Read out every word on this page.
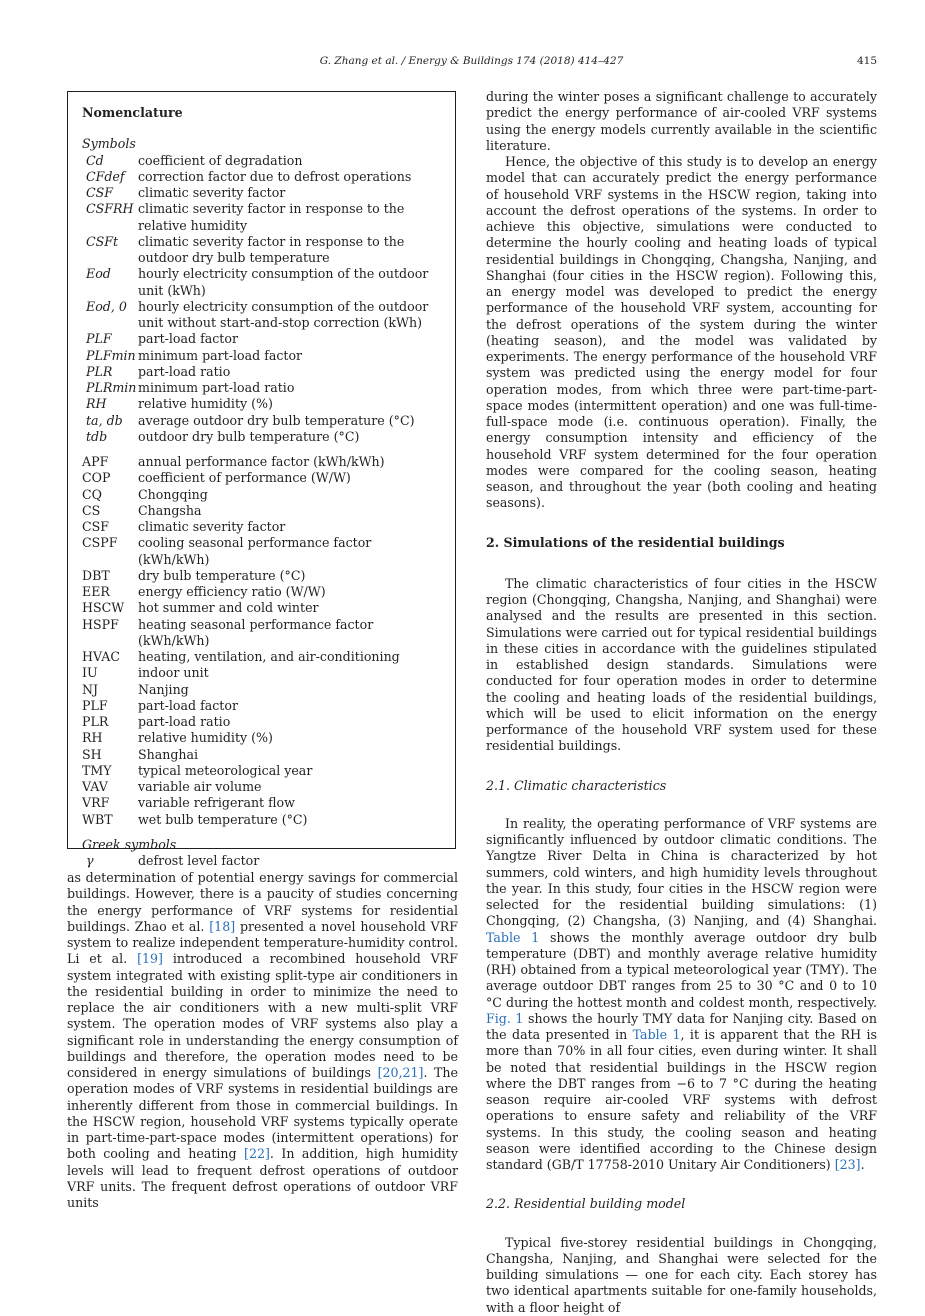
G. Zhang et al. / Energy & Buildings 174 (2018) 414–427	415
Nomenclature
Symbols
Cd	coefficient of degradation
CFdef	correction factor due to defrost operations
CSF	climatic severity factor
CSFRH climatic severity factor in response to the relative humidity
CSFt	climatic severity factor in response to the outdoor dry bulb temperature
Eod	hourly electricity consumption of the outdoor unit (kWh)
Eod, 0 hourly electricity consumption of the outdoor unit without start-and-stop correction (kWh)
PLF	part-load factor
PLFmin minimum part-load factor
PLR	part-load ratio
PLRmin minimum part-load ratio
RH	relative humidity (%)
ta, db	average outdoor dry bulb temperature (°C)
tdb	outdoor dry bulb temperature (°C)
APF	annual performance factor (kWh/kWh)
COP	coefficient of performance (W/W)
CQ	Chongqing
CS	Changsha
CSF	climatic severity factor
CSPF	cooling seasonal performance factor (kWh/kWh)
DBT	dry bulb temperature (°C)
EER	energy efficiency ratio (W/W)
HSCW	hot summer and cold winter
HSPF	heating seasonal performance factor (kWh/kWh)
HVAC	heating, ventilation, and air-conditioning
IU	indoor unit
NJ	Nanjing
PLF	part-load factor
PLR	part-load ratio
RH	relative humidity (%)
SH	Shanghai
TMY	typical meteorological year
VAV	variable air volume
VRF	variable refrigerant flow
WBT	wet bulb temperature (°C)
Greek symbols
γ	defrost level factor

as determination of potential energy savings for commercial buildings. However, there is a paucity of studies concerning the energy performance of VRF systems for residential buildings. Zhao et al. [18] presented a novel household VRF system to realize independent temperature-humidity control. Li et al. [19] introduced a recombined household VRF system integrated with existing split-type air conditioners in the residential building in order to minimize the need to replace the air conditioners with a new multi-split VRF system. The operation modes of VRF systems also play a significant role in understanding the energy consumption of buildings and therefore, the operation modes need to be considered in energy simulations of buildings [20,21]. The operation modes of VRF systems in residential buildings are inherently different from those in commercial buildings. In the HSCW region, household VRF systems typically operate in part-time-part-space modes (intermittent operations) for both cooling and heating [22]. In addition, high humidity levels will lead to frequent defrost operations of outdoor VRF units. The frequent defrost operations of outdoor VRF units

during the winter poses a significant challenge to accurately predict the energy performance of air-cooled VRF systems using the energy models currently available in the scientific literature.

Hence, the objective of this study is to develop an energy model that can accurately predict the energy performance of household VRF systems in the HSCW region, taking into account the defrost operations of the systems. In order to achieve this objective, simulations were conducted to determine the hourly cooling and heating loads of typical residential buildings in Chongqing, Changsha, Nanjing, and Shanghai (four cities in the HSCW region). Following this, an energy model was developed to predict the energy performance of the household VRF system, accounting for the defrost operations of the system during the winter (heating season), and the model was validated by experiments. The energy performance of the household VRF system was predicted using the energy model for four operation modes, from which three were part-time-part-space modes (intermittent operation) and one was full-time-full-space mode (i.e. continuous operation). Finally, the energy consumption intensity and efficiency of the household VRF system determined for the four operation modes were compared for the cooling season, heating season, and throughout the year (both cooling and heating seasons).

2. Simulations of the residential buildings

The climatic characteristics of four cities in the HSCW region (Chongqing, Changsha, Nanjing, and Shanghai) were analysed and the results are presented in this section. Simulations were carried out for typical residential buildings in these cities in accordance with the guidelines stipulated in established design standards. Simulations were conducted for four operation modes in order to determine the cooling and heating loads of the residential buildings, which will be used to elicit information on the energy performance of the household VRF system used for these residential buildings.

2.1. Climatic characteristics

In reality, the operating performance of VRF systems are significantly influenced by outdoor climatic conditions. The Yangtze River Delta in China is characterized by hot summers, cold winters, and high humidity levels throughout the year. In this study, four cities in the HSCW region were selected for the residential building simulations: (1) Chongqing, (2) Changsha, (3) Nanjing, and (4) Shanghai. Table 1 shows the monthly average outdoor dry bulb temperature (DBT) and monthly average relative humidity (RH) obtained from a typical meteorological year (TMY). The average outdoor DBT ranges from 25 to 30 °C and 0 to 10 °C during the hottest month and coldest month, respectively. Fig. 1 shows the hourly TMY data for Nanjing city. Based on the data presented in Table 1, it is apparent that the RH is more than 70% in all four cities, even during winter. It shall be noted that residential buildings in the HSCW region where the DBT ranges from −6 to 7 °C during the heating season require air-cooled VRF systems with defrost operations to ensure safety and reliability of the VRF systems. In this study, the cooling season and heating season were identified according to the Chinese design standard (GB/T 17758-2010 Unitary Air Conditioners) [23].

2.2. Residential building model

Typical five-storey residential buildings in Chongqing, Changsha, Nanjing, and Shanghai were selected for the building simulations — one for each city. Each storey has two identical apartments suitable for one-family households, with a floor height of
